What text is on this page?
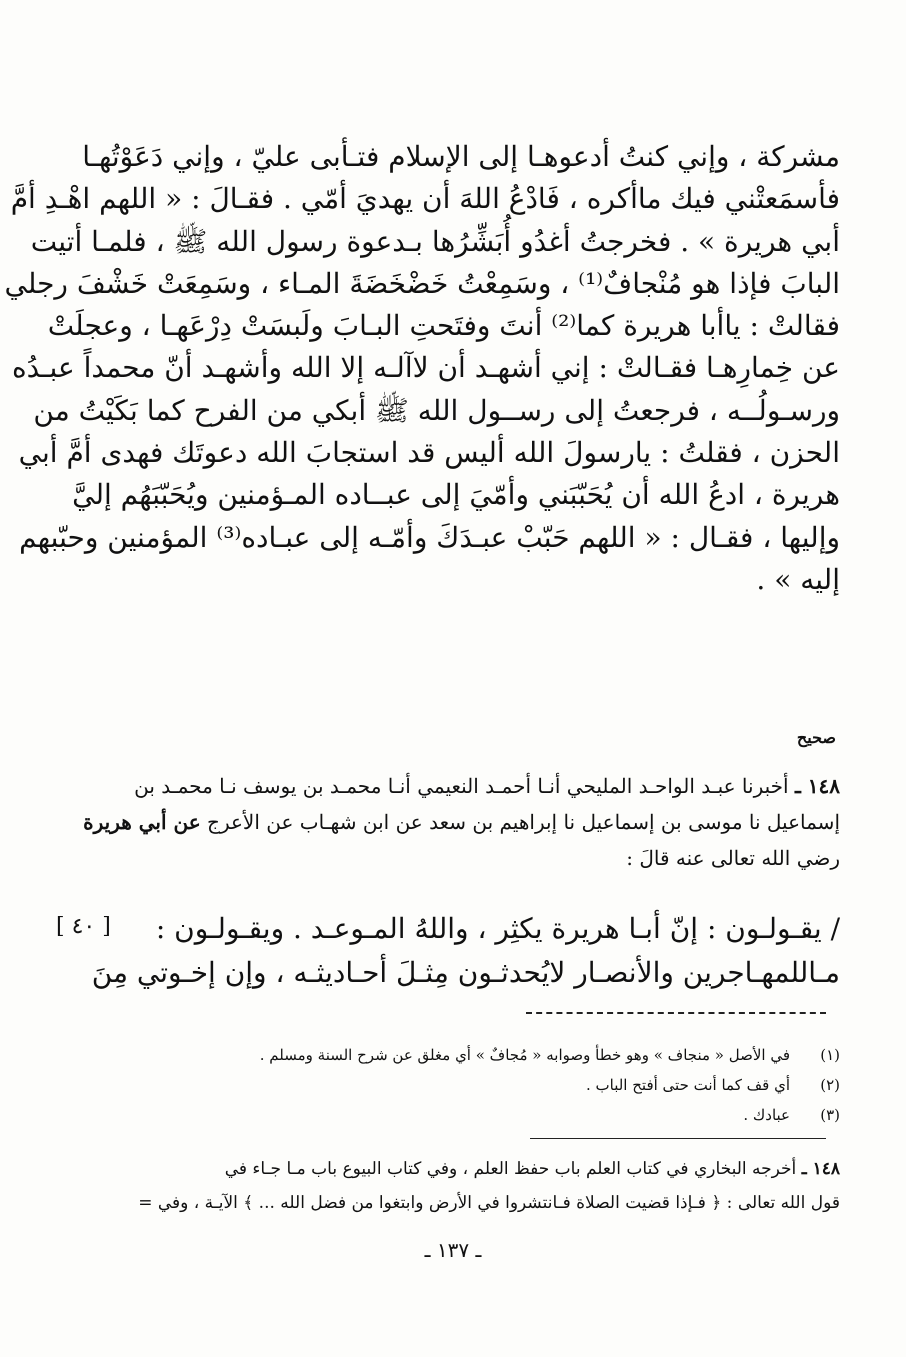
مشركة ، وإني كنتُ أدعوهـا إلى الإسلام فتـأبى عليّ ، وإني دَعَوْتُهـا
فأسمَعتْني فيك ماأكره ، فَادْعُ اللهَ أن يهديَ أمّي . فقـالَ : « اللهم اهْـدِ أمَّ
أبي هريرة » . فخرجتُ أغدُو أُبَشِّرُها بـدعوة رسول الله ﷺ ، فلمـا أتيت
البابَ فإذا هو مُنْجافٌ⁽¹⁾ ، وسَمِعْتُ خَضْخَضَةَ المـاء ، وسَمِعَتْ خَشْفَ رجلي
فقالتْ : ياأبا هريرة كما⁽²⁾ أنتَ وفتَحتِ البـابَ ولَبسَتْ دِرْعَهـا ، وعجلَتْ
عن خِمارِهـا فقـالتْ : إني أشهـد أن لاآلـه إلا الله وأشهـد أنّ محمداً عبـدُه
ورسـولُــه ، فرجعتُ إلى رســول الله ﷺ أبكي من الفرح كما بَكَيْتُ من
الحزن ، فقلتُ : يارسولَ الله أليس قد استجابَ الله دعوتَك فهدى أمَّ أبي
هريرة ، ادعُ الله أن يُحَبّبَني وأمّيَ إلى عبــاده المـؤمنين ويُحَبّبَهُم إليَّ
وإليها ، فقـال : « اللهم حَبّبْ عبـدَكَ وأمّـه إلى عبـاده⁽³⁾ المؤمنين وحبّبهم
إليه » .
صحيح
١٤٨ ـ أخبرنا عبـد الواحـد المليحي أنـا أحمـد النعيمي أنـا محمـد بن يوسف نـا محمـد بن
إسماعيل نا موسى بن إسماعيل نا إبراهيم بن سعد عن ابن شهـاب عن الأعرج عن أبي هريرة
رضي الله تعالى عنه قالَ :
[ ٤٠ ]	/ يقـولـون : إنّ أبـا هريرة يكثِر ، واللهُ المـوعـد . ويقـولـون :
مـاللمهـاجرين والأنصـار لايُحدثـون مِثـلَ أحـاديثـه ، وإن إخـوتي مِنَ
(١)
في الأصل « منجاف » وهو خطأ وصوابه « مُجافٌ » أي مغلق عن شرح السنة ومسلم .
(٢)
أي قف كما أنت حتى أفتح الباب .
(٣)
عبادك .
١٤٨ ـ أخرجه البخاري في كتاب العلم باب حفظ العلم ، وفي كتاب البيوع باب مـا جـاء في
قول الله تعالى : ﴿ فـإذا قضيت الصلاة فـانتشروا في الأرض وابتغوا من فضل الله ... ﴾ الآيـة ، وفي =
ـ ١٣٧ ـ
